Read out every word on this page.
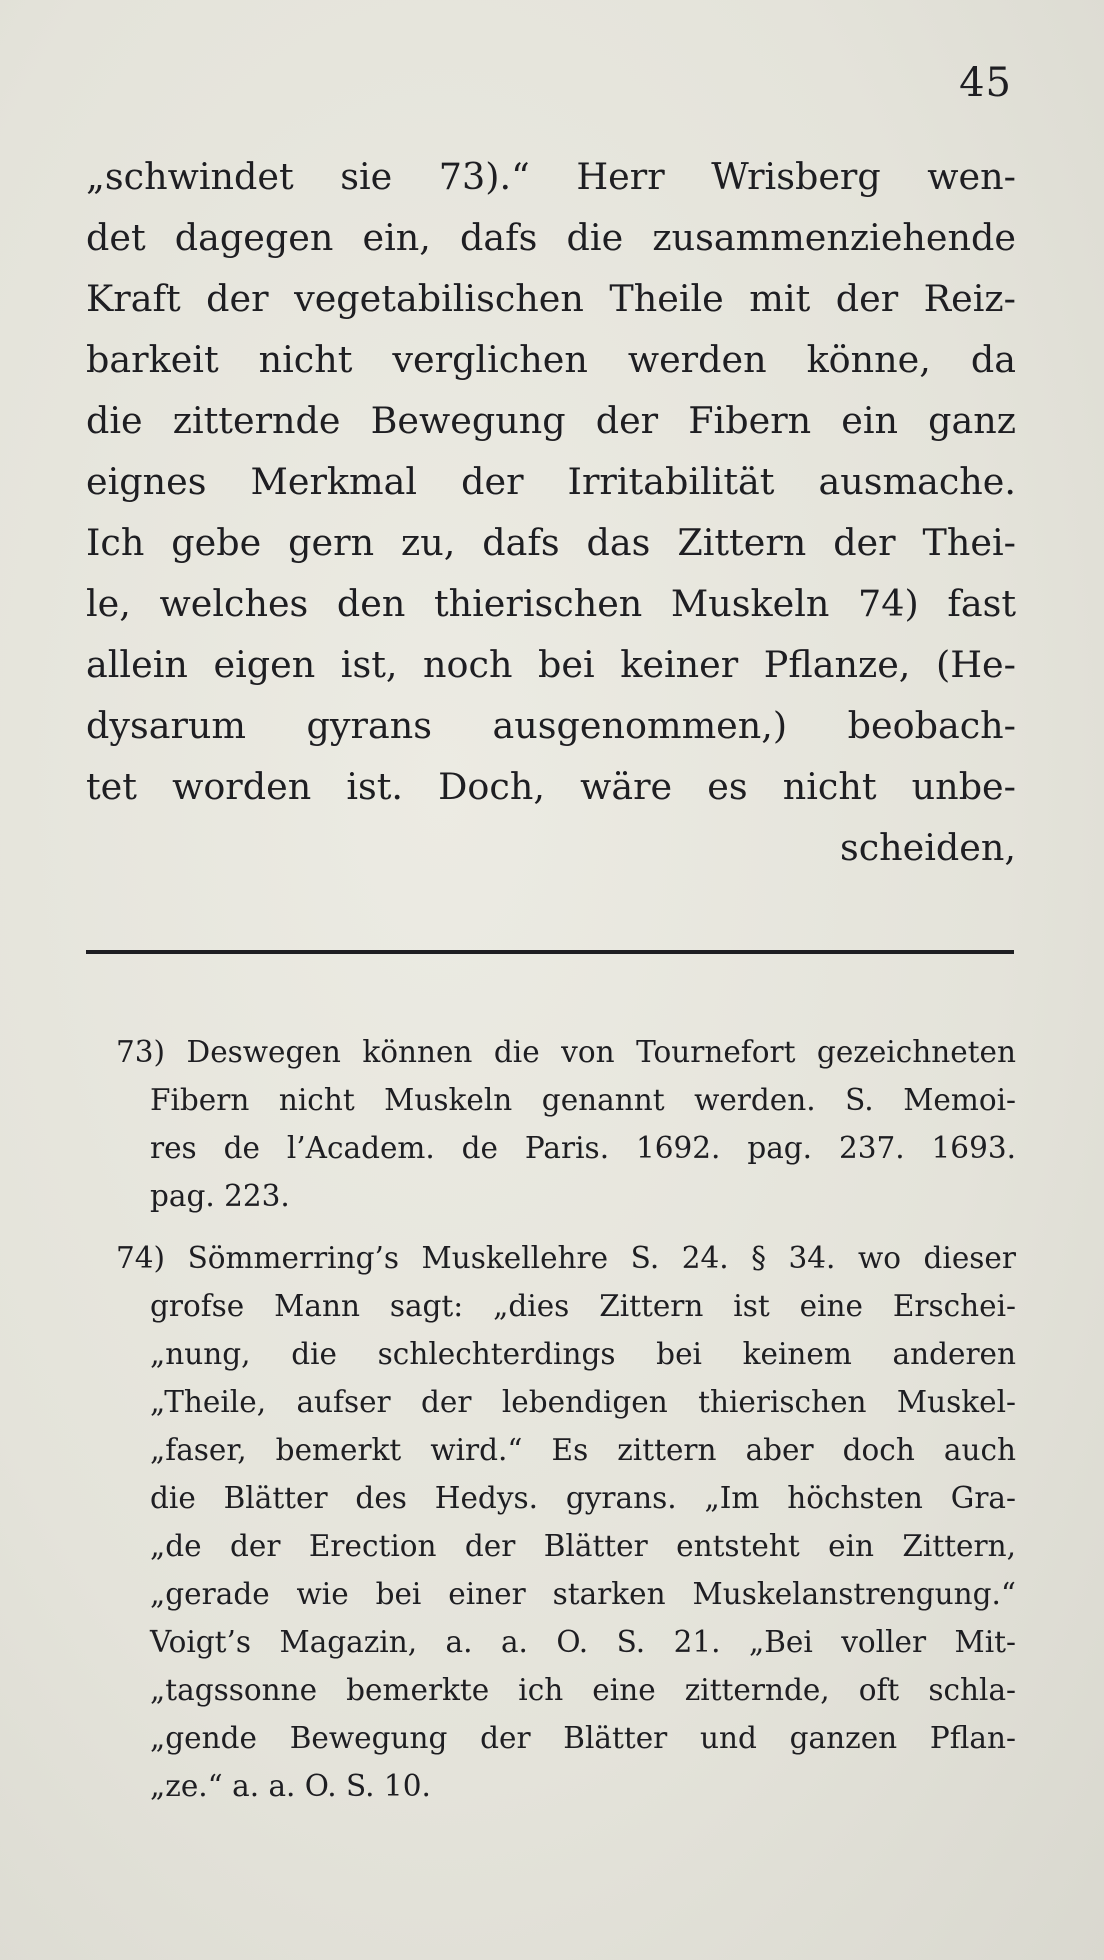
45
„schwindet sie 73).“ Herr Wrisberg wen-
det dagegen ein, dafs die zusammenziehende
Kraft der vegetabilischen Theile mit der Reiz-
barkeit nicht verglichen werden könne, da
die zitternde Bewegung der Fibern ein ganz
eignes Merkmal der Irritabilität ausmache.
Ich gebe gern zu, dafs das Zittern der Thei-
le, welches den thierischen Muskeln 74) fast
allein eigen ist, noch bei keiner Pflanze, (He-
dysarum gyrans ausgenommen,) beobach-
tet worden ist. Doch, wäre es nicht unbe-
scheiden,
73) Deswegen können die von Tournefort gezeichneten
Fibern nicht Muskeln genannt werden. S. Memoi-
res de l’Academ. de Paris. 1692. pag. 237. 1693.
pag. 223.
74) Sömmerring’s Muskellehre S. 24. § 34. wo dieser
grofse Mann sagt: „dies Zittern ist eine Erschei-
„nung, die schlechterdings bei keinem anderen
„Theile, aufser der lebendigen thierischen Muskel-
„faser, bemerkt wird.“ Es zittern aber doch auch
die Blätter des Hedys. gyrans. „Im höchsten Gra-
„de der Erection der Blätter entsteht ein Zittern,
„gerade wie bei einer starken Muskelanstrengung.“
Voigt’s Magazin, a. a. O. S. 21. „Bei voller Mit-
„tagssonne bemerkte ich eine zitternde, oft schla-
„gende Bewegung der Blätter und ganzen Pflan-
„ze.“ a. a. O. S. 10.
